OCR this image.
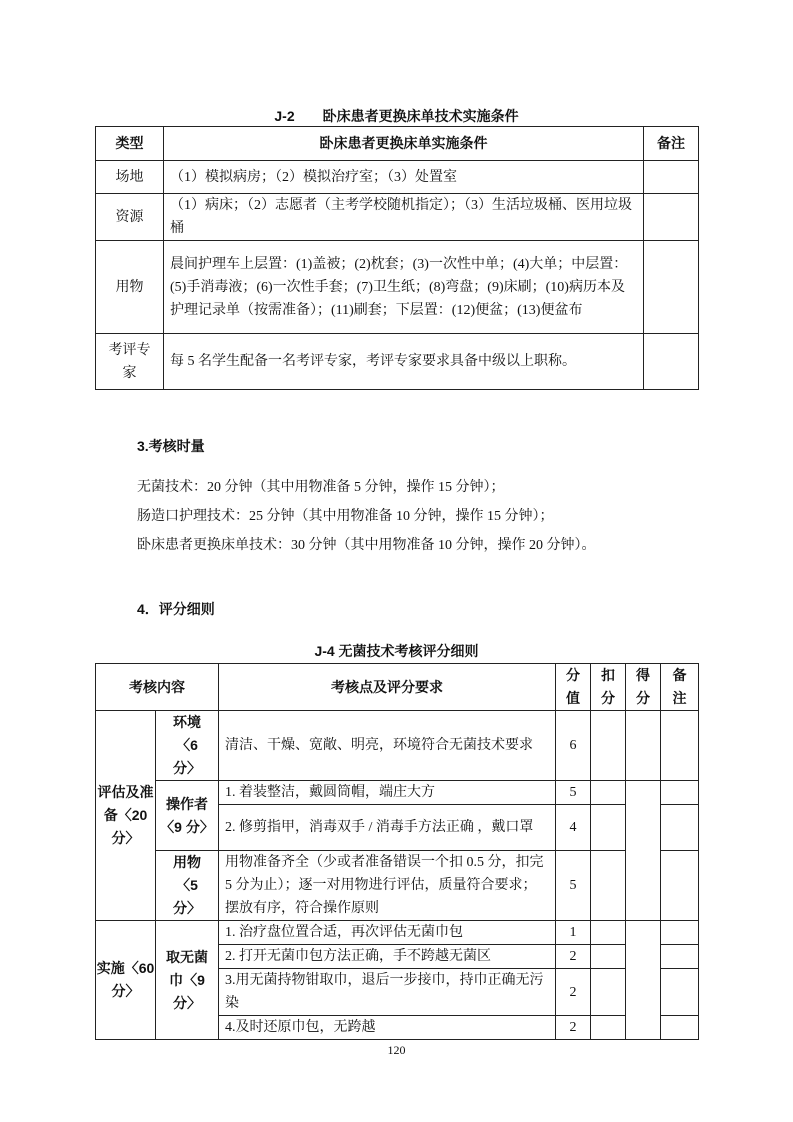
J-2　　卧床患者更换床单技术实施条件
类型	卧床患者更换床单实施条件	备注
场地	（1）模拟病房；（2）模拟治疗室；（3）处置室	
资源	（1）病床；（2）志愿者（主考学校随机指定）；（3）生活垃圾桶、医用垃圾桶	
用物	晨间护理车上层置：(1)盖被；(2)枕套；(3)一次性中单；(4)大单；中层置：(5)手消毒液；(6)一次性手套；(7)卫生纸；(8)弯盘；(9)床刷；(10)病历本及护理记录单（按需准备）；(11)刷套；下层置：(12)便盆；(13)便盆布	
考评专家	每 5 名学生配备一名考评专家，考评专家要求具备中级以上职称。	
3.考核时量
无菌技术：20 分钟（其中用物准备 5 分钟，操作 15 分钟）；
肠造口护理技术：25 分钟（其中用物准备 10 分钟，操作 15 分钟）；
卧床患者更换床单技术：30 分钟（其中用物准备 10 分钟，操作 20 分钟）。
4．评分细则
J-4 无菌技术考核评分细则
考核内容		考核点及评分要求	分值	扣分	得分	备注
评估及准备〈20 分〉	环境〈6 分〉	清洁、干燥、宽敞、明亮，环境符合无菌技术要求	6			
	操作者〈9 分〉	1. 着装整洁，戴圆筒帽，端庄大方	5			
		2. 修剪指甲，消毒双手 / 消毒手方法正确 ，戴口罩	4			
	用物〈5 分〉	用物准备齐全（少或者准备错误一个扣 0.5 分，扣完 5 分为止）；逐一对用物进行评估，质量符合要求；摆放有序，符合操作原则	5			
实施〈60 分〉	取无菌巾〈9 分〉	1. 治疗盘位置合适，再次评估无菌巾包	1			
		2. 打开无菌巾包方法正确，手不跨越无菌区	2			
		3.用无菌持物钳取巾，退后一步接巾，持巾正确无污染	2			
		4.及时还原巾包，无跨越	2			
120
